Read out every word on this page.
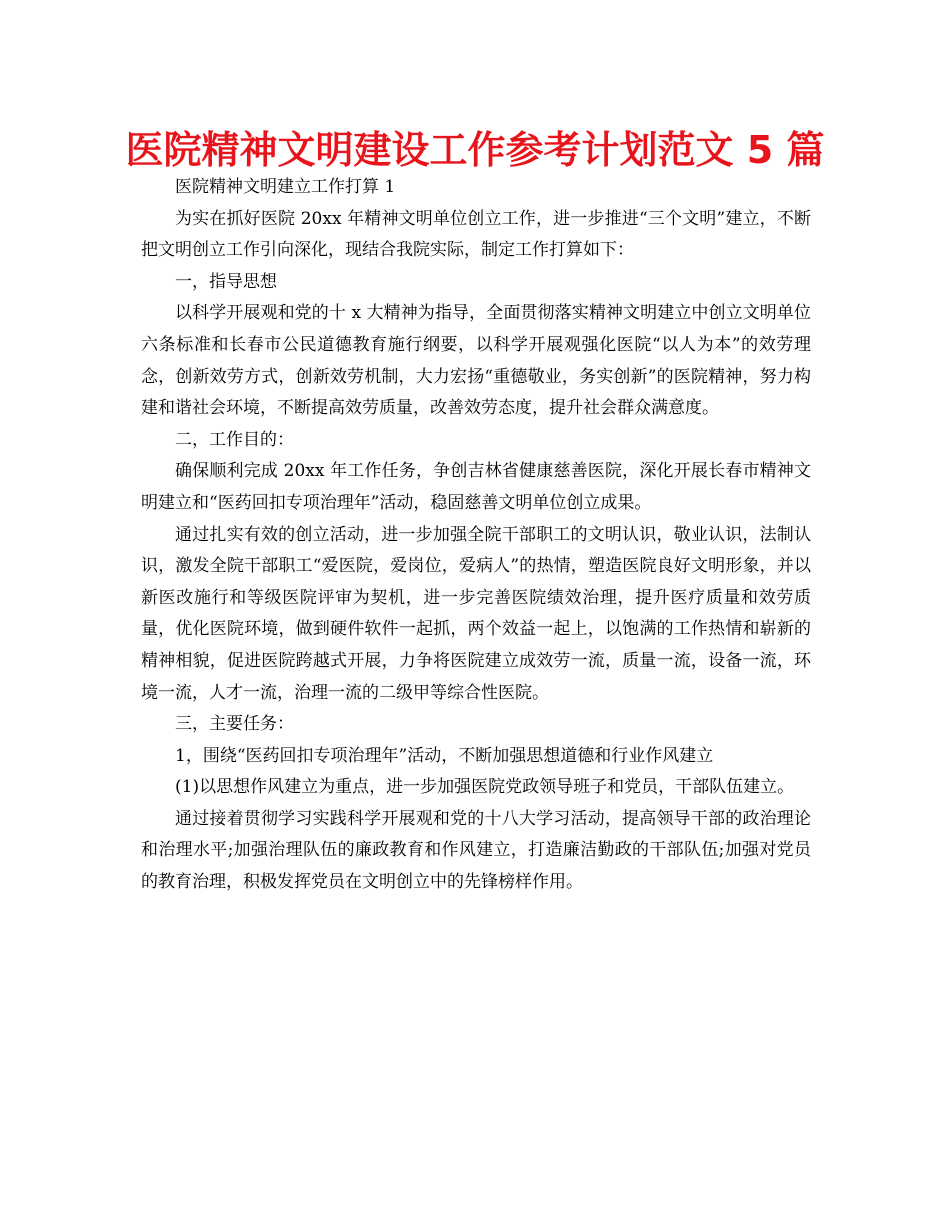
医院精神文明建设工作参考计划范文 5 篇

医院精神文明建立工作打算 1

为实在抓好医院 20xx 年精神文明单位创立工作，进一步推进“三个文明”建立，不断把文明创立工作引向深化，现结合我院实际，制定工作打算如下：

一，指导思想

以科学开展观和党的十 x 大精神为指导，全面贯彻落实精神文明建立中创立文明单位六条标准和长春市公民道德教育施行纲要，以科学开展观强化医院“以人为本”的效劳理念，创新效劳方式，创新效劳机制，大力宏扬“重德敬业，务实创新”的医院精神，努力构建和谐社会环境，不断提高效劳质量，改善效劳态度，提升社会群众满意度。

二，工作目的：

确保顺利完成 20xx 年工作任务，争创吉林省健康慈善医院，深化开展长春市精神文明建立和“医药回扣专项治理年”活动，稳固慈善文明单位创立成果。

通过扎实有效的创立活动，进一步加强全院干部职工的文明认识，敬业认识，法制认识，激发全院干部职工“爱医院，爱岗位，爱病人”的热情，塑造医院良好文明形象，并以新医改施行和等级医院评审为契机，进一步完善医院绩效治理，提升医疗质量和效劳质量，优化医院环境，做到硬件软件一起抓，两个效益一起上，以饱满的工作热情和崭新的精神相貌，促进医院跨越式开展，力争将医院建立成效劳一流，质量一流，设备一流，环境一流，人才一流，治理一流的二级甲等综合性医院。

三，主要任务：

1，围绕“医药回扣专项治理年”活动，不断加强思想道德和行业作风建立

(1)以思想作风建立为重点，进一步加强医院党政领导班子和党员，干部队伍建立。

通过接着贯彻学习实践科学开展观和党的十八大学习活动，提高领导干部的政治理论和治理水平;加强治理队伍的廉政教育和作风建立，打造廉洁勤政的干部队伍;加强对党员的教育治理，积极发挥党员在文明创立中的先锋榜样作用。
